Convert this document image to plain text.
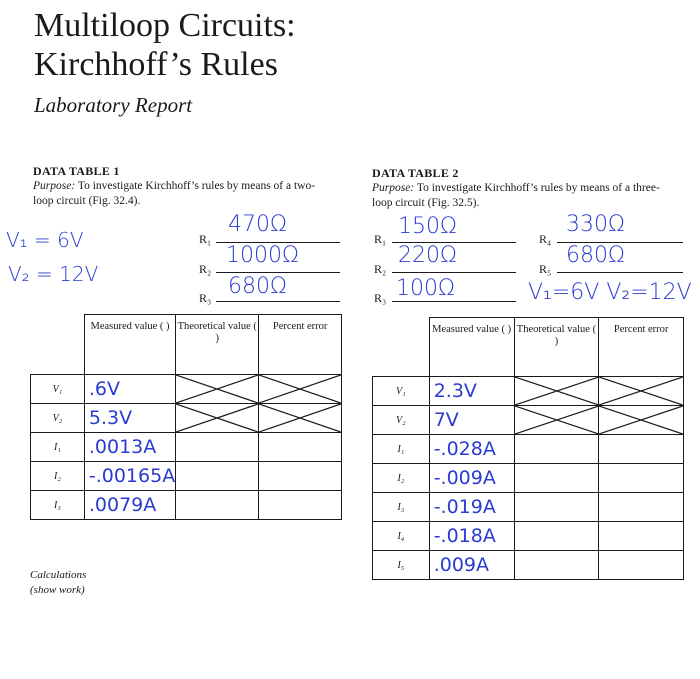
Multiloop Circuits:
Kirchhoff’s Rules
Laboratory Report
V₁ = 6V
V₂ = 12V
DATA TABLE 1
Purpose: To investigate Kirchhoff’s rules by means of a two-loop circuit (Fig. 32.4).
R₁
470Ω
R₂
1000Ω
R₃ 680Ω
	Measured value ( )	Theoretical value ( )	Percent error
V₁	.6V	

V₂	5.3V	

I₁	.0013A		
I₂	-.00165A		
I₃	.0079A		
DATA TABLE 2
Purpose: To investigate Kirchhoff’s rules by means of a three-loop circuit (Fig. 32.5).
R₁ 150Ω
R₂
220Ω
R₃ 100Ω
R₄
330Ω
R₅
680Ω
V₁=6V V₂=12V
	Measured value ( )	Theoretical value ( )	Percent error
V₁	2.3V	

V₂	7V	

I₁	-.028A		
I₂	-.009A		
I₃	-.019A		
I₄	-.018A		
I₅	.009A		
Calculations
(show work)
